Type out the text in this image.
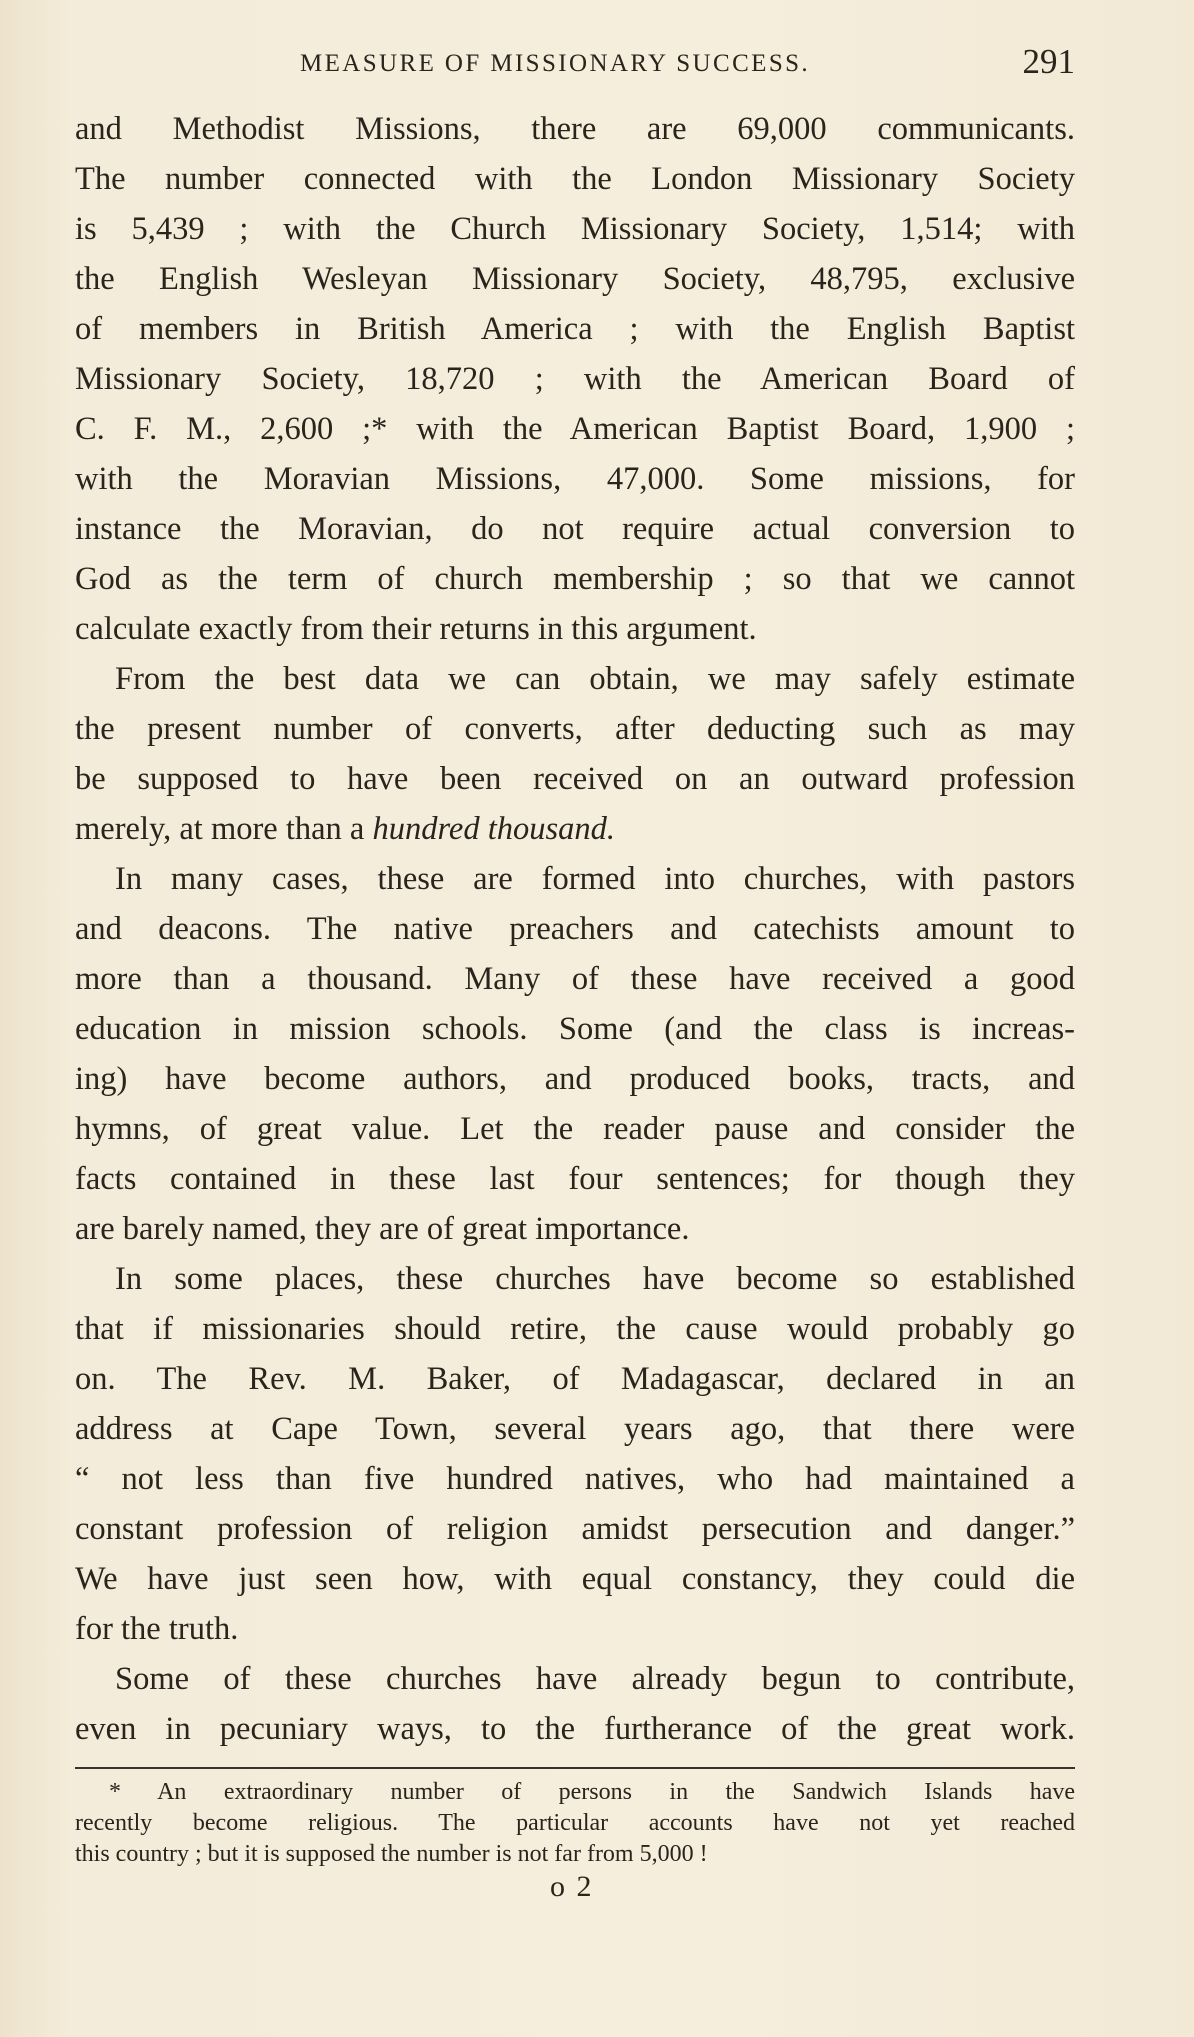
MEASURE OF MISSIONARY SUCCESS.	291
and Methodist Missions, there are 69,000 communicants.
The number connected with the London Missionary Society
is 5,439 ; with the Church Missionary Society, 1,514; with
the English Wesleyan Missionary Society, 48,795, exclusive
of members in British America ; with the English Baptist
Missionary Society, 18,720 ; with the American Board of
C. F. M., 2,600 ;* with the American Baptist Board, 1,900 ;
with the Moravian Missions, 47,000. Some missions, for
instance the Moravian, do not require actual conversion to
God as the term of church membership ; so that we cannot
calculate exactly from their returns in this argument.
From the best data we can obtain, we may safely estimate
the present number of converts, after deducting such as may
be supposed to have been received on an outward profession
merely, at more than a hundred thousand.
In many cases, these are formed into churches, with pastors
and deacons. The native preachers and catechists amount to
more than a thousand. Many of these have received a good
education in mission schools. Some (and the class is increas-
ing) have become authors, and produced books, tracts, and
hymns, of great value. Let the reader pause and consider the
facts contained in these last four sentences; for though they
are barely named, they are of great importance.
In some places, these churches have become so established
that if missionaries should retire, the cause would probably go
on. The Rev. M. Baker, of Madagascar, declared in an
address at Cape Town, several years ago, that there were
“ not less than five hundred natives, who had maintained a
constant profession of religion amidst persecution and danger.”
We have just seen how, with equal constancy, they could die
for the truth.
Some of these churches have already begun to contribute,
even in pecuniary ways, to the furtherance of the great work.
* An extraordinary number of persons in the Sandwich Islands have
recently become religious. The particular accounts have not yet reached
this country ; but it is supposed the number is not far from 5,000 !
o 2
